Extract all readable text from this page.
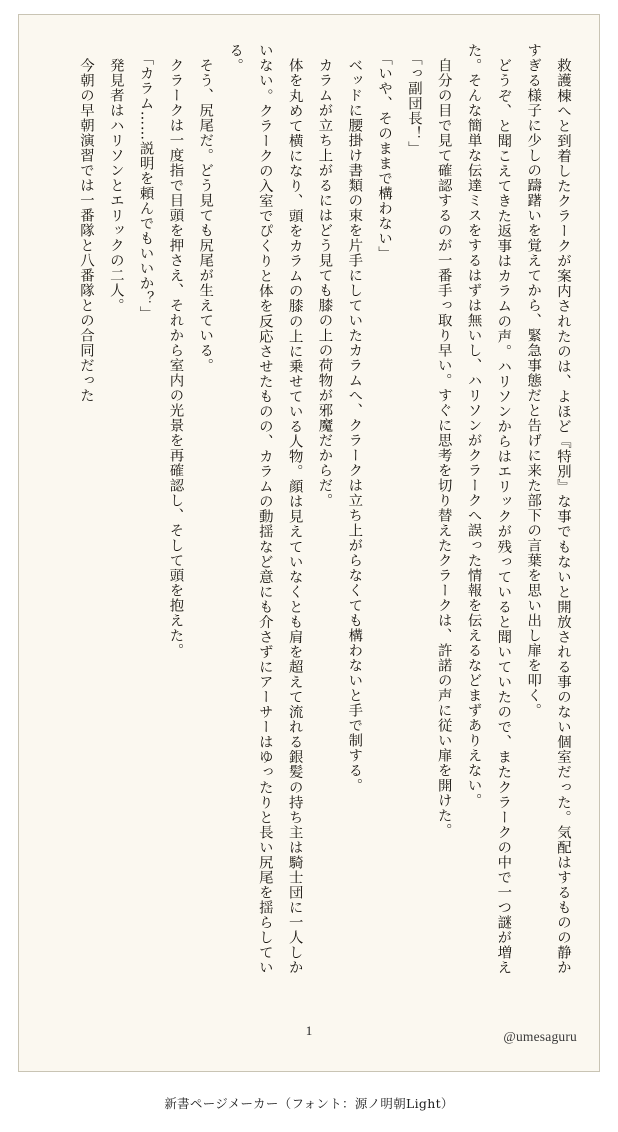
　救護棟へと到着したクラークが案内されたのは、よほど『特別』な事でもないと開放される事のない個室だった。気配はするものの静かすぎる様子に少しの躊躇いを覚えてから、緊急事態だと告げに来た部下の言葉を思い出し扉を叩く。

　どうぞ、と聞こえてきた返事はカラムの声。ハリソンからはエリックが残っていると聞いていたので、またクラークの中で一つ謎が増えた。そんな簡単な伝達ミスをするはずは無いし、ハリソンがクラークへ誤った情報を伝えるなどまずありえない。

　自分の目で見て確認するのが一番手っ取り早い。すぐに思考を切り替えたクラークは、許諾の声に従い扉を開けた。

　「っ副団長！」

　「いや、そのままで構わない」

　ベッドに腰掛け書類の束を片手にしていたカラムへ、クラークは立ち上がらなくても構わないと手で制する。

　カラムが立ち上がるにはどう見ても膝の上の荷物が邪魔だからだ。

　体を丸めて横になり、頭をカラムの膝の上に乗せている人物。顔は見えていなくとも肩を超えて流れる銀髪の持ち主は騎士団に一人しかいない。クラークの入室でぴくりと体を反応させたものの、カラムの動揺など意にも介さずにアーサーはゆったりと長い尻尾を揺らしている。

　そう、尻尾だ。どう見ても尻尾が生えている。

　クラークは一度指で目頭を押さえ、それから室内の光景を再確認し、そして頭を抱えた。

　「カラム……説明を頼んでもいいか？」

　発見者はハリソンとエリックの二人。

　今朝の早朝演習では一番隊と八番隊との合同だった

1	@umesaguru
新書ページメーカー（フォント：源ノ明朝Light）
